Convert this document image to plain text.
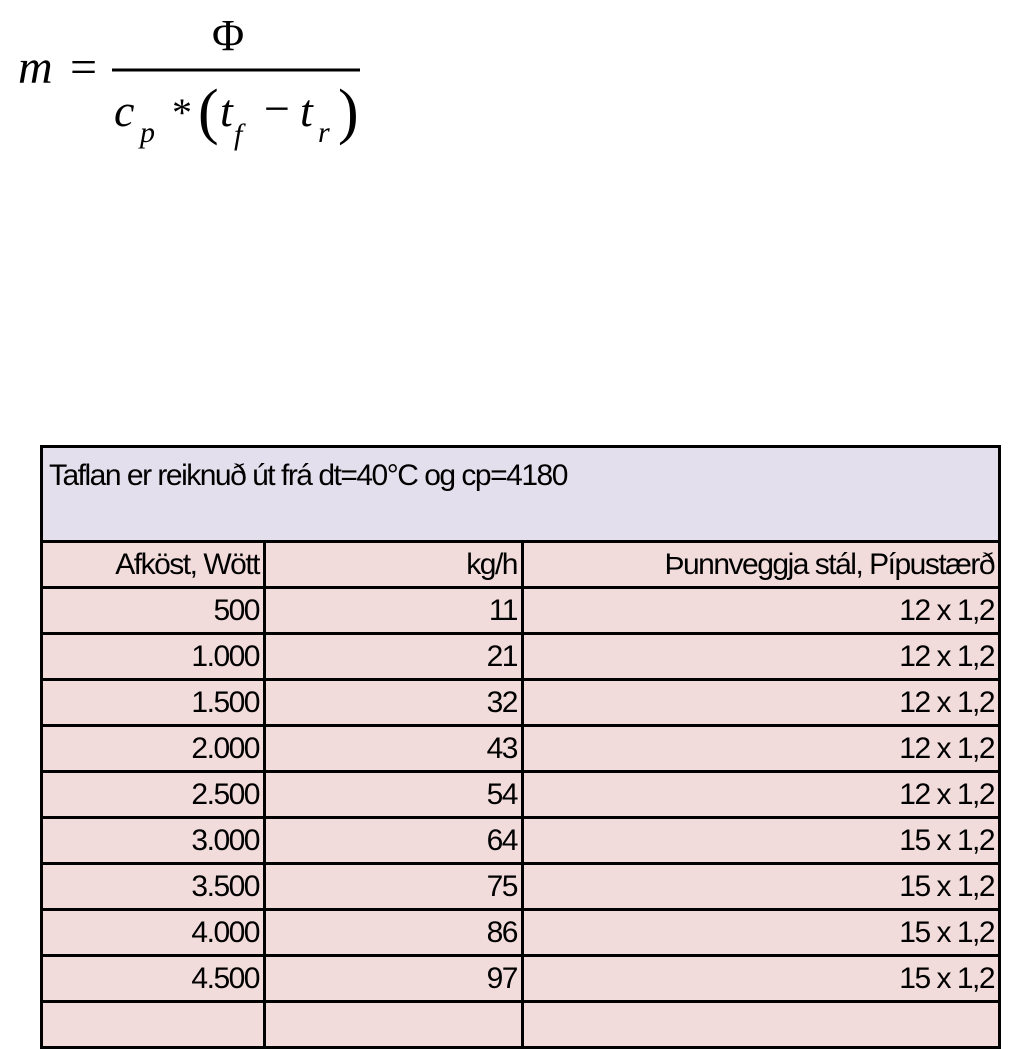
m =
Φ
c p * ( t f
− t r )
Taflan er reiknuð út frá dt=40°C og cp=4180		
Afköst, Wött	kg/h	Þunnveggja stál, Pípustærð
500	11	12 x 1,2
1.000	21	12 x 1,2
1.500	32	12 x 1,2
2.000	43	12 x 1,2
2.500	54	12 x 1,2
3.000	64	15 x 1,2
3.500	75	15 x 1,2
4.000	86	15 x 1,2
4.500	97	15 x 1,2
